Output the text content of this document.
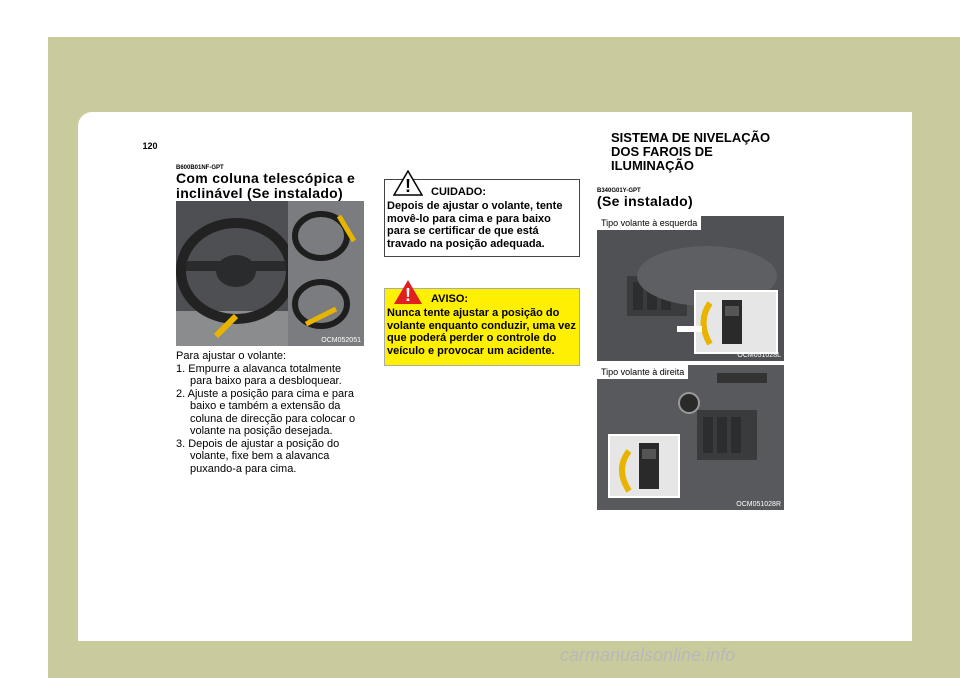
1 CARACTERÍSTICAS DO SEU HYUNDAI
120
SISTEMA DE NIVELAÇÃO DOS FAROIS DE ILUMINAÇÃO
B600B01NF-GPT
Com coluna telescópica e inclinável (Se instalado)
OCM052051
Para ajustar o volante:
1. Empurre a alavanca totalmente para baixo para a desbloquear.
2. Ajuste a posição para cima e para baixo e também a extensão da coluna de direcção para colocar o volante na posição desejada.
3. Depois de ajustar a posição do volante, fixe bem a alavanca puxando-a para cima.
! CUIDADO:
Depois de ajustar o volante, tente movê-lo para cima e para baixo para se certificar de que está travado na posição adequada.
! AVISO:
Nunca tente ajustar a posição do volante enquanto conduzir, uma vez que poderá perder o controle do veículo e provocar um acidente.
B340G01Y-GPT
(Se instalado)
Tipo volante à esquerda
OCM051028L
Tipo volante à direita
OCM051028R
carmanualsonline.info
